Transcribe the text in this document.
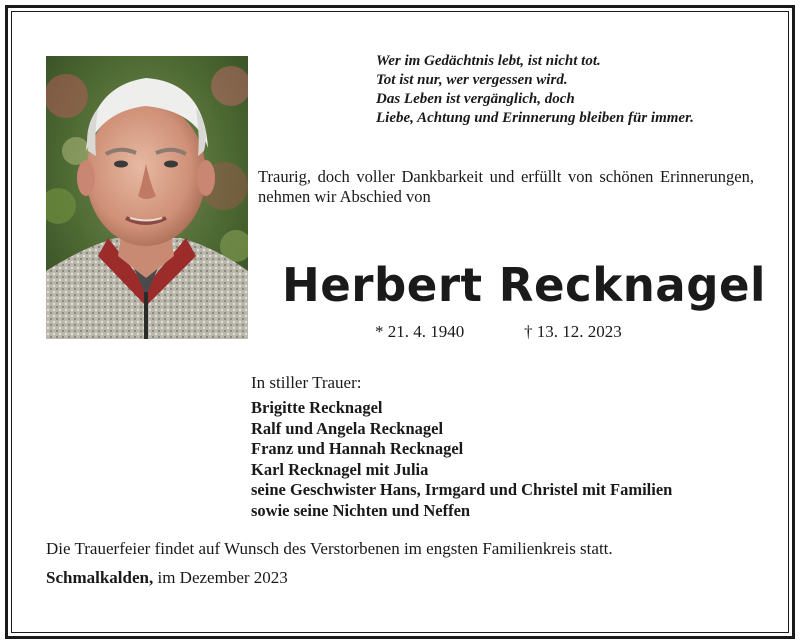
Wer im Gedächtnis lebt, ist nicht tot.
Tot ist nur, wer vergessen wird.
Das Leben ist vergänglich, doch
Liebe, Achtung und Erinnerung bleiben für immer.
Traurig, doch voller Dankbarkeit und erfüllt von schönen Erinnerungen, nehmen wir Abschied von
Herbert Recknagel
* 21. 4. 1940	† 13. 12. 2023
In stiller Trauer:
Brigitte Recknagel
Ralf und Angela Recknagel
Franz und Hannah Recknagel
Karl Recknagel mit Julia
seine Geschwister Hans, Irmgard und Christel mit Familien
sowie seine Nichten und Neffen
Die Trauerfeier findet auf Wunsch des Verstorbenen im engsten Familienkreis statt.
Schmalkalden, im Dezember 2023
